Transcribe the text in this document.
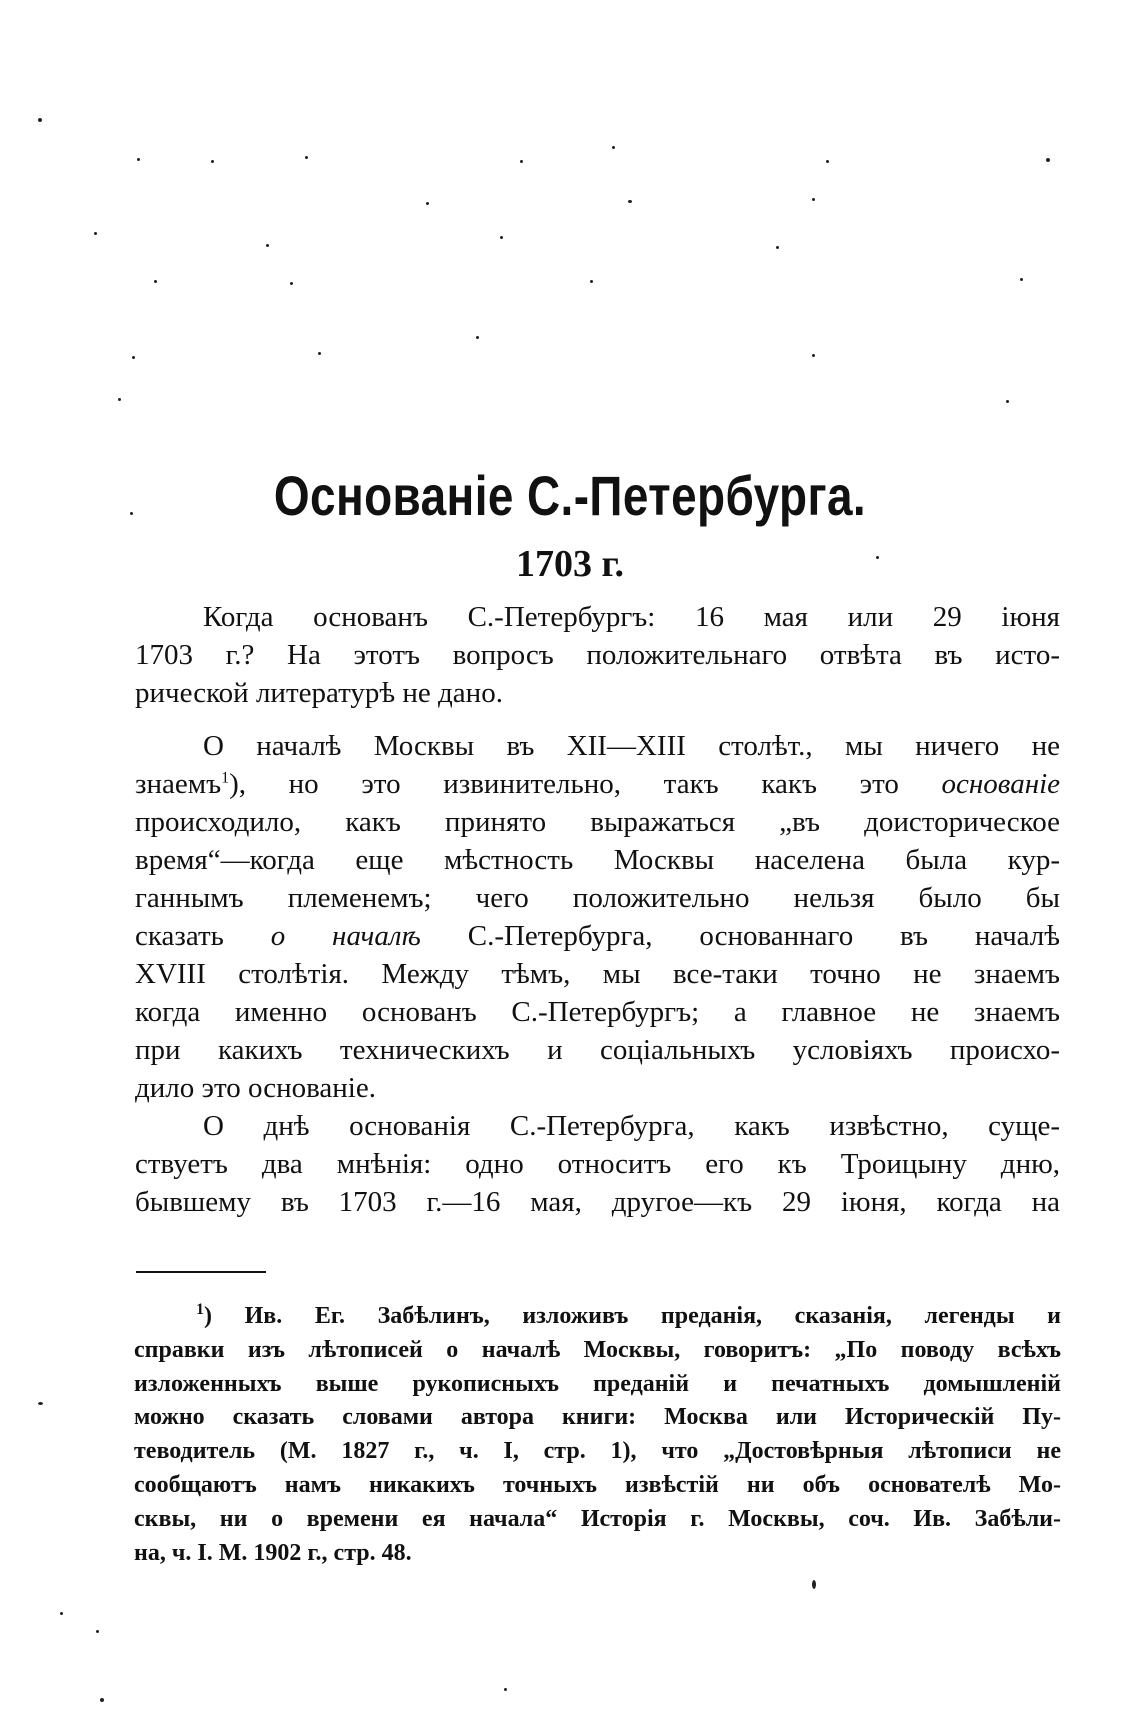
Основаніе С.-Петербурга.
1703 г.
Когда основанъ С.-Петербургъ: 16 мая или 29 іюня
1703 г.? На этотъ вопросъ положительнаго отвѣта въ исто-
рической литературѣ не дано.
О началѣ Москвы въ XII—XIII столѣт., мы ничего не
знаемъ$^1$), но это извинительно, такъ какъ это основаніе
происходило, какъ принято выражаться „въ доисторическое
время“—когда еще мѣстность Москвы населена была кур-
ганнымъ племенемъ; чего положительно нельзя было бы
сказать о началѣ С.-Петербурга, основаннаго въ началѣ
XVIII столѣтія. Между тѣмъ, мы все-таки точно не знаемъ
когда именно основанъ С.-Петербургъ; а главное не знаемъ
при какихъ техническихъ и соціальныхъ условіяхъ происхо-
дило это основаніе.
О днѣ основанія С.-Петербурга, какъ извѣстно, суще-
ствуетъ два мнѣнія: одно относитъ его къ Троицыну дню,
бывшему въ 1703 г.—16 мая, другое—къ 29 іюня, когда на
$^1$) Ив. Ег. Забѣлинъ, изложивъ преданія, сказанія, легенды и
справки изъ лѣтописей о началѣ Москвы, говоритъ: „По поводу всѣхъ
изложенныхъ выше рукописныхъ преданій и печатныхъ домышленій
можно сказать словами автора книги: Москва или Историческій Пу-
теводитель (М. 1827 г., ч. I, стр. 1), что „Достовѣрныя лѣтописи не
сообщаютъ намъ никакихъ точныхъ извѣстій ни объ основателѣ Мо-
сквы, ни о времени ея начала“ Исторія г. Москвы, соч. Ив. Забѣли-
на, ч. I. М. 1902 г., стр. 48.
